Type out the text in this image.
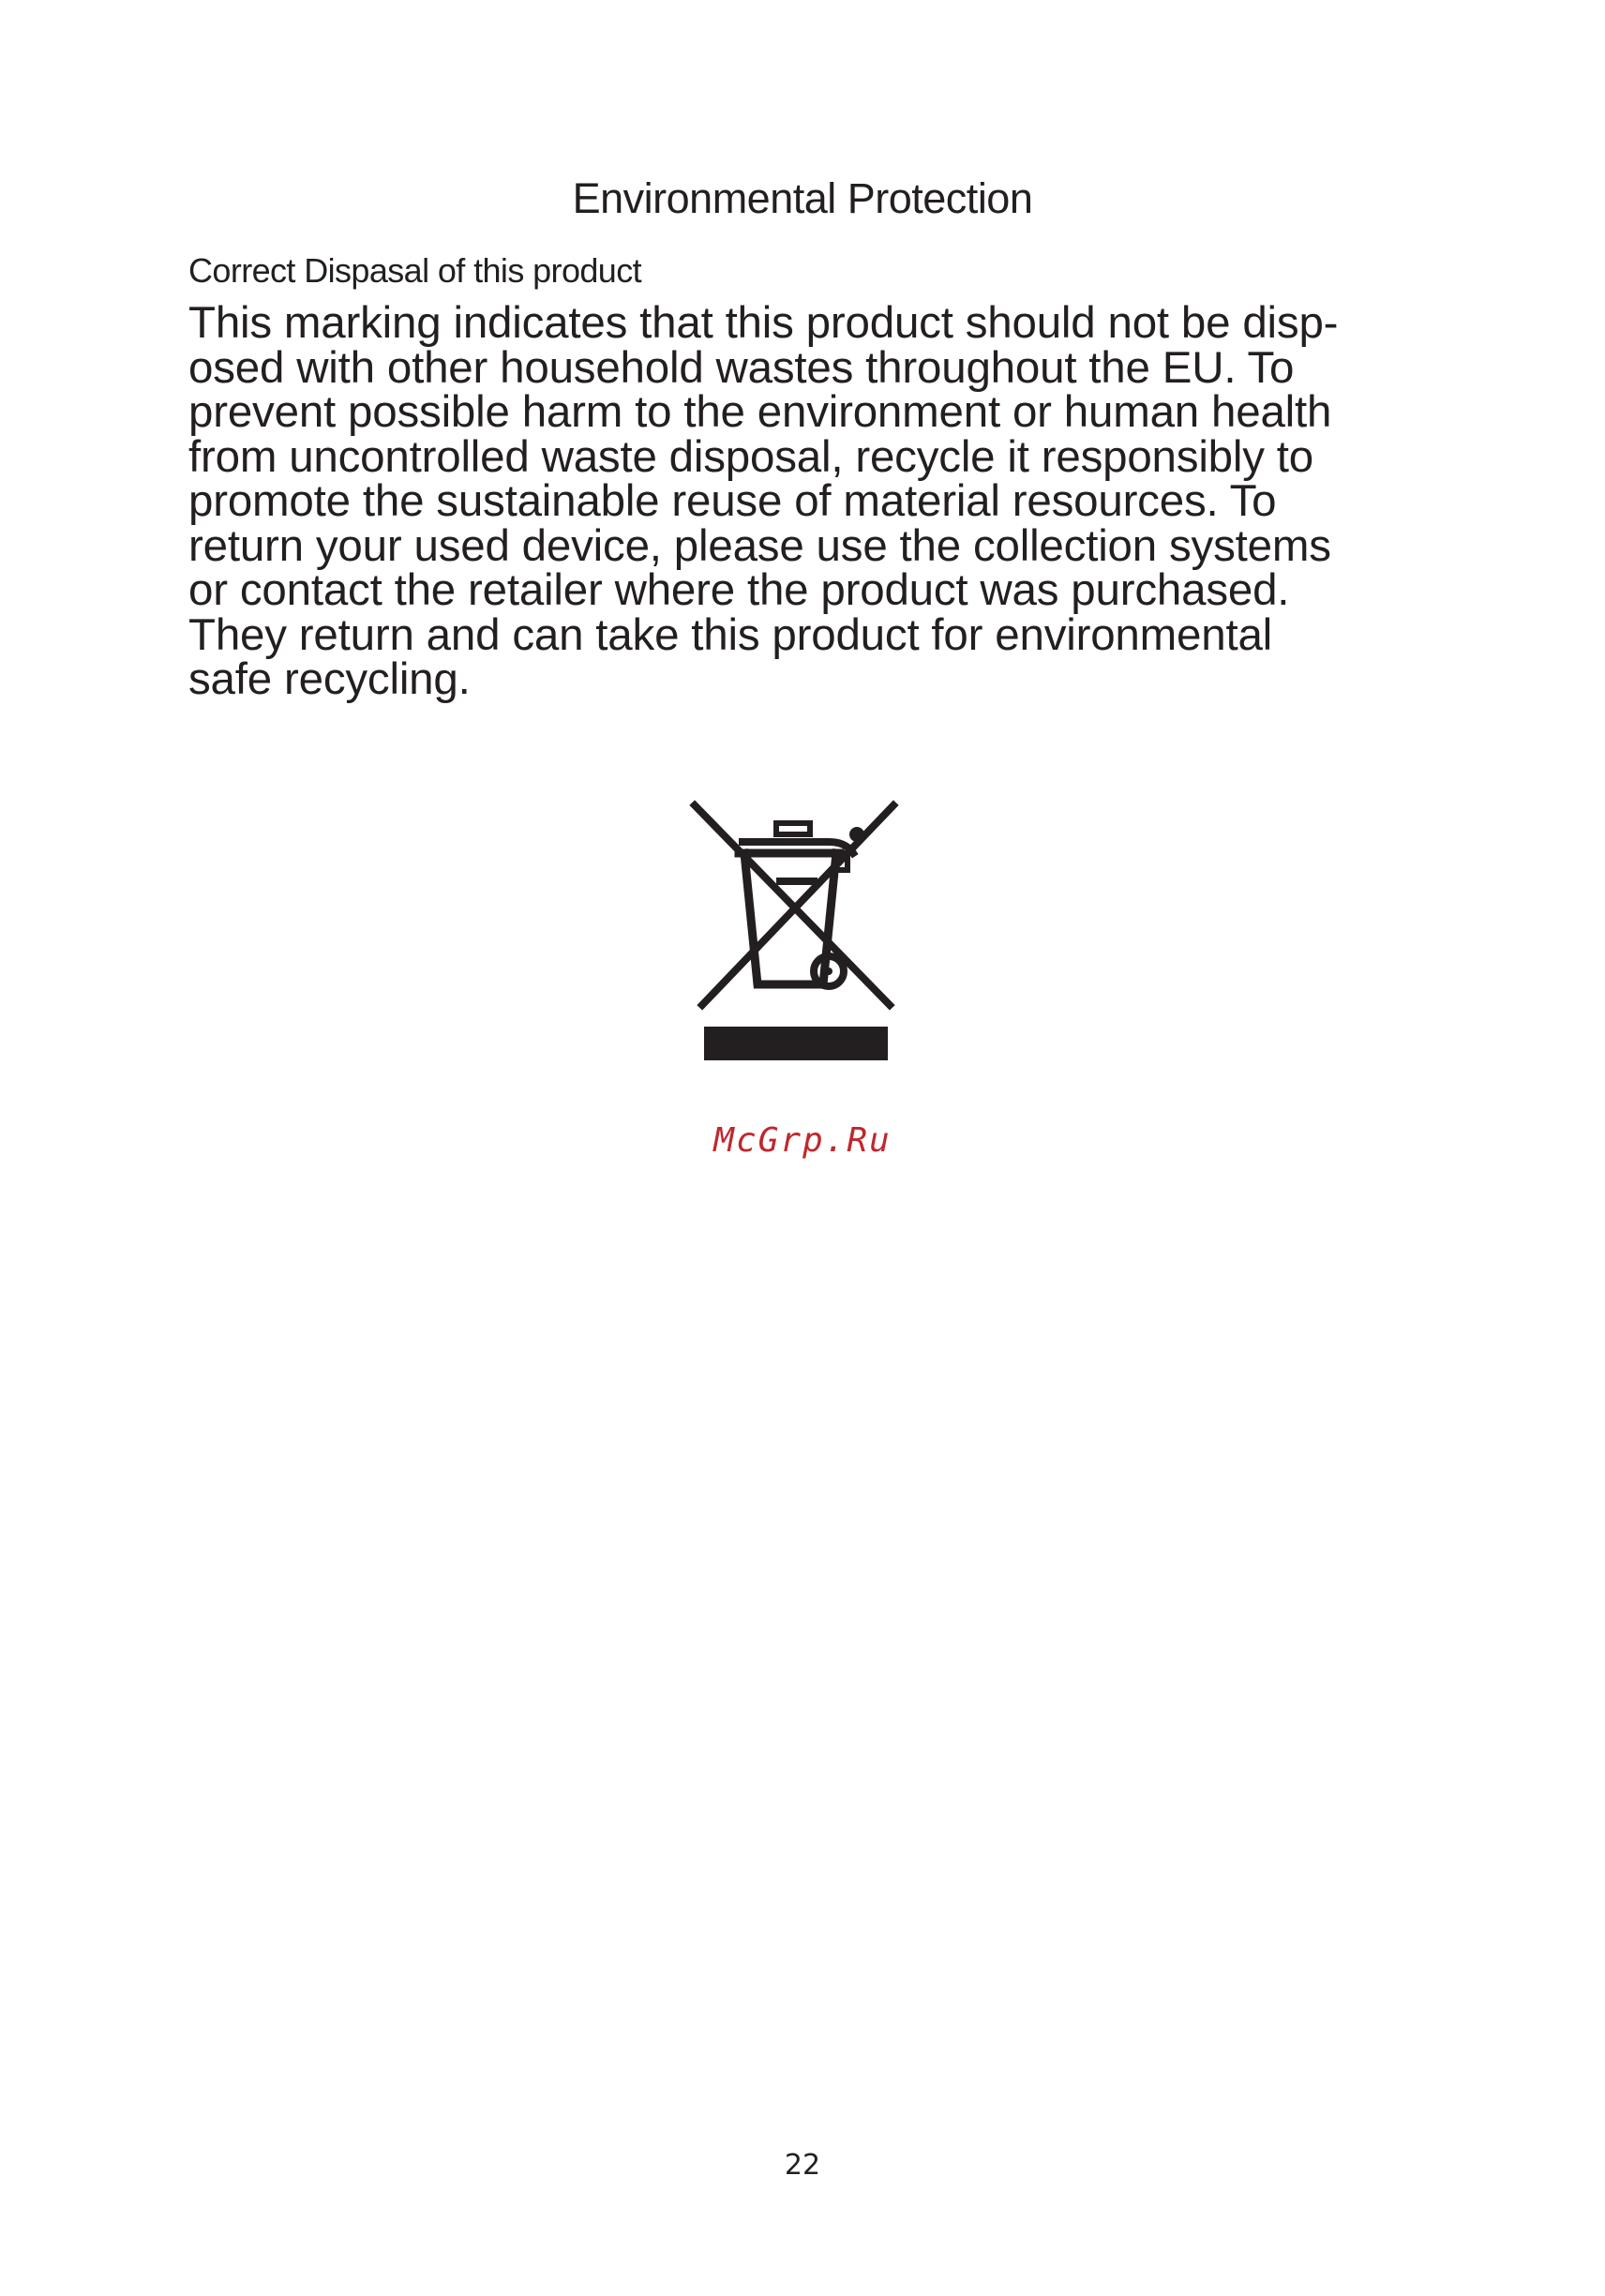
Environmental Protection
Correct Dispasal of this product

This marking indicates that this product should not be disp-
osed with other household wastes throughout the EU. To
prevent possible harm to the environment or human health
from uncontrolled waste disposal, recycle it responsibly to
promote the sustainable reuse of material resources. To
return your used device, please use the collection systems
or contact the retailer where the product was purchased.
They return and can take this product for environmental
safe recycling.

McGrp.Ru
22
